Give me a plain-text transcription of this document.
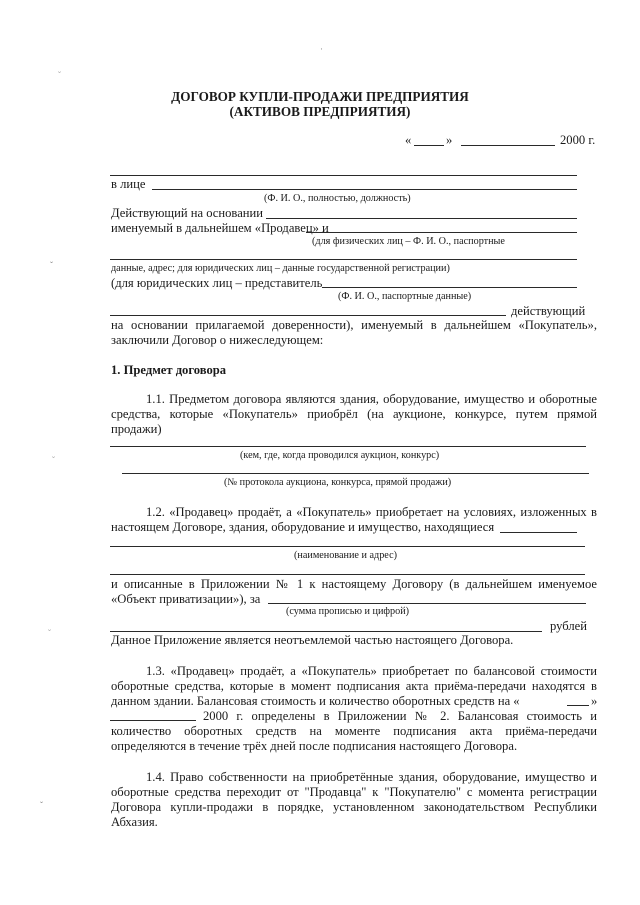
˘
ˇ
˘
˘
ˇ
·
ДОГОВОР КУПЛИ-ПРОДАЖИ ПРЕДПРИЯТИЯ
(АКТИВОВ ПРЕДПРИЯТИЯ)
«	»	2000 г.
в лице
(Ф. И. О., полностью, должность)
Действующий на основании
именуемый в дальнейшем «Продавец» и
(для физических лиц – Ф. И. О., паспортные
данные, адрес; для юридических лиц – данные государственной регистрации)
(для юридических лиц – представитель
(Ф. И. О., паспортные данные)
действующий
на основании прилагаемой доверенности), именуемый в дальнейшем «Покупатель»,
заключили Договор о нижеследующем:
1. Предмет договора
1.1. Предметом договора являются здания, оборудование, имущество и оборотные
средства, которые «Покупатель» приобрёл (на аукционе, конкурсе, путем прямой
продажи)
(кем, где, когда проводился аукцион, конкурс)
(№ протокола аукциона, конкурса, прямой продажи)
1.2. «Продавец» продаёт, а «Покупатель» приобретает на условиях, изложенных в
настоящем Договоре, здания, оборудование и имущество, находящиеся
(наименование и адрес)
и описанные в Приложении № 1 к настоящему Договору (в дальнейшем именуемое
«Объект приватизации»), за
(сумма прописью и цифрой)
рублей
Данное Приложение является неотъемлемой частью настоящего Договора.
1.3. «Продавец» продаёт, а «Покупатель» приобретает по балансовой стоимости
оборотные средства, которые в момент подписания акта приёма-передачи находятся в
данном здании. Балансовая стоимость и количество оборотных средств на «	»
2000 г. определены в Приложении № 2. Балансовая стоимость и
количество оборотных средств на моменте подписания акта приёма-передачи
определяются в течение трёх дней после подписания настоящего Договора.
1.4. Право собственности на приобретённые здания, оборудование, имущество и
оборотные средства переходит от "Продавца" к "Покупателю" с момента регистрации
Договора купли-продажи в порядке, установленном законодательством Республики
Абхазия.
